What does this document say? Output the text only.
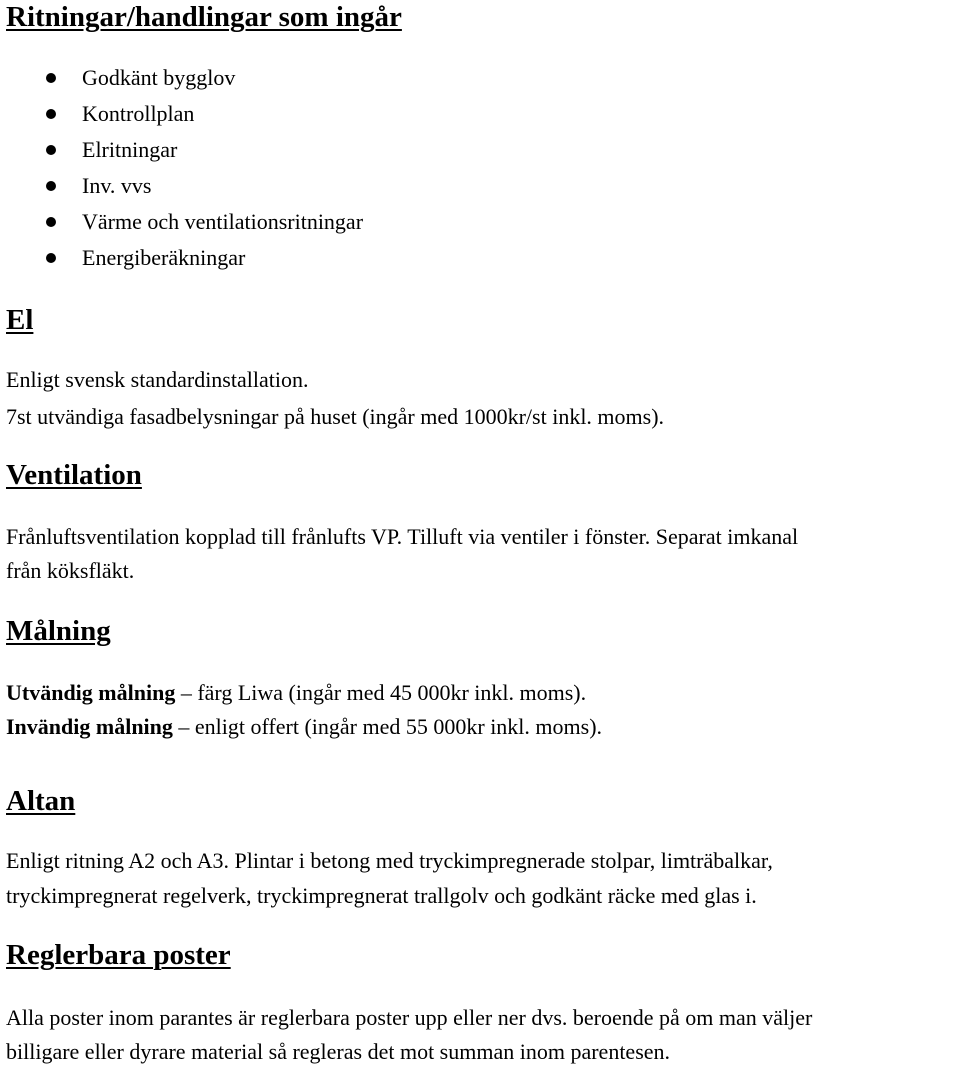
Ritningar/handlingar som ingår
Godkänt bygglov
Kontrollplan
Elritningar
Inv. vvs
Värme och ventilationsritningar
Energiberäkningar
El

Enligt svensk standardinstallation.

7st utvändiga fasadbelysningar på huset (ingår med 1000kr/st inkl. moms).

Ventilation

Frånluftsventilation kopplad till frånlufts VP. Tilluft via ventiler i fönster. Separat imkanal

från köksfläkt.

Målning

Utvändig målning – färg Liwa (ingår med 45 000kr inkl. moms).

Invändig målning – enligt offert (ingår med 55 000kr inkl. moms).

Altan

Enligt ritning A2 och A3. Plintar i betong med tryckimpregnerade stolpar, limträbalkar,

tryckimpregnerat regelverk, tryckimpregnerat trallgolv och godkänt räcke med glas i.

Reglerbara poster

Alla poster inom parantes är reglerbara poster upp eller ner dvs. beroende på om man väljer

billigare eller dyrare material så regleras det mot summan inom parentesen.
